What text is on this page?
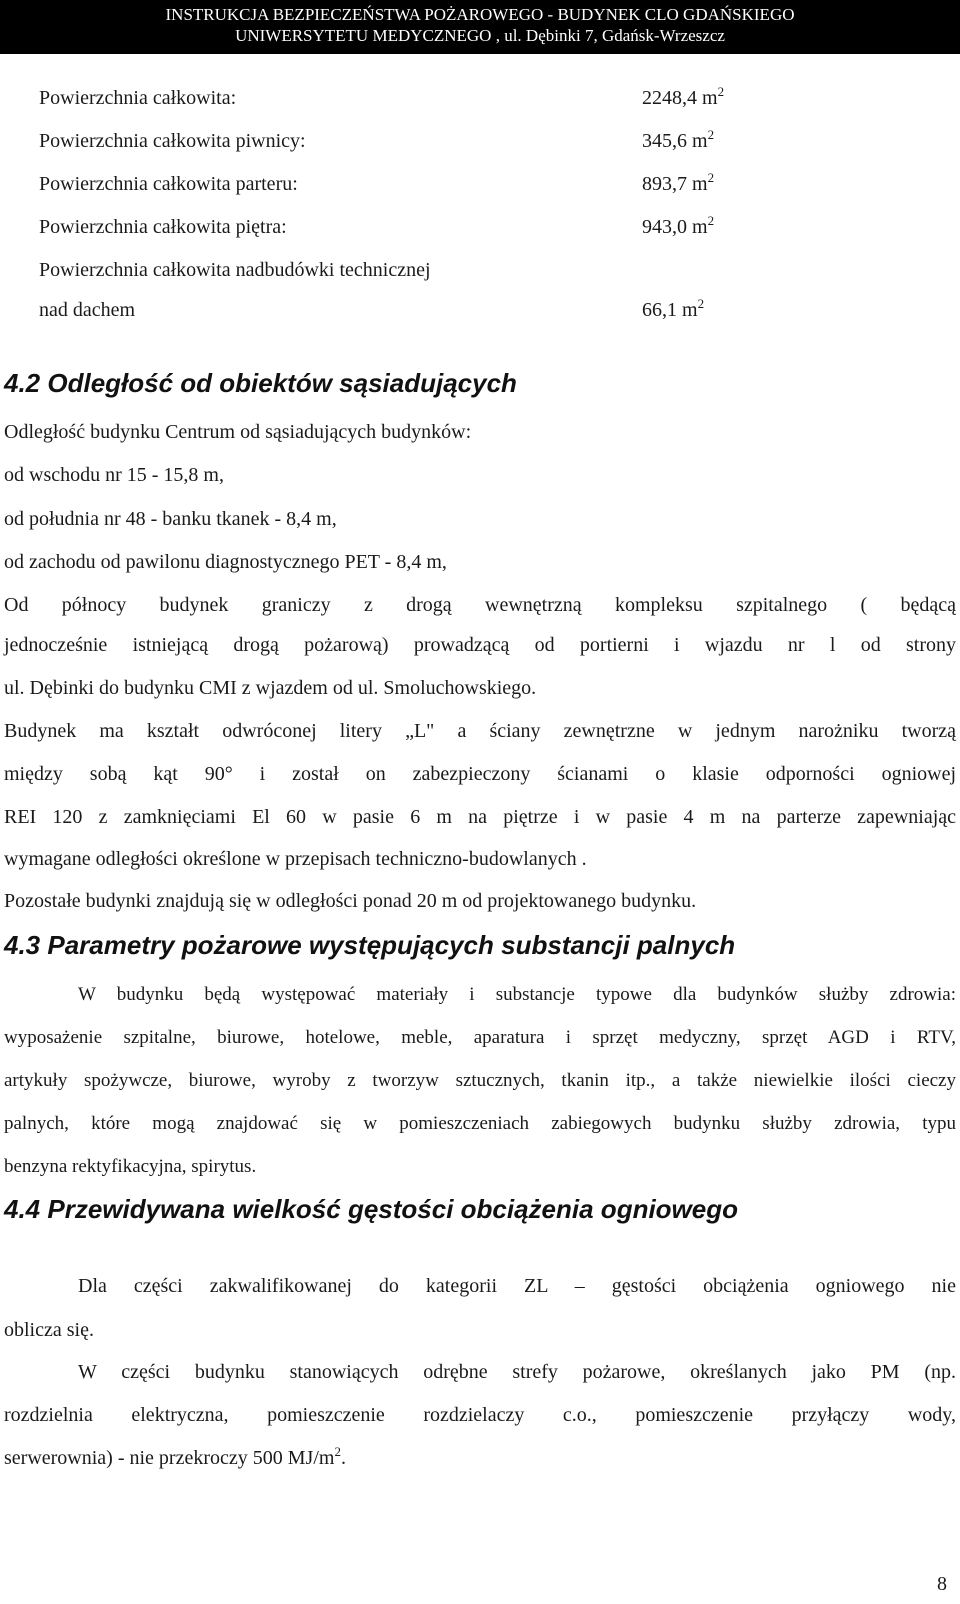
INSTRUKCJA BEZPIECZEŃSTWA POŻAROWEGO - BUDYNEK CLO GDAŃSKIEGO
UNIWERSYTETU MEDYCZNEGO , ul. Dębinki 7, Gdańsk-Wrzeszcz
Powierzchnia całkowita:	2248,4 $m^2$
Powierzchnia całkowita piwnicy:	345,6 $m^2$
Powierzchnia całkowita parteru:	893,7 $m^2$
Powierzchnia całkowita piętra:	943,0 $m^2$
Powierzchnia całkowita nadbudówki technicznej
nad dachem	66,1 $m^2$
4.2 Odległość od obiektów sąsiadujących
Odległość budynku Centrum od sąsiadujących budynków:
od wschodu nr 15 - 15,8 m,
od południa nr 48 - banku tkanek - 8,4 m,
od zachodu od pawilonu diagnostycznego PET - 8,4 m,
Od północy budynek graniczy z drogą wewnętrzną kompleksu szpitalnego ( będącą
jednocześnie istniejącą drogą pożarową) prowadzącą od portierni i wjazdu nr l od strony
ul. Dębinki do budynku CMI z wjazdem od ul. Smoluchowskiego.
Budynek ma kształt odwróconej litery „L" a ściany zewnętrzne w jednym narożniku tworzą
między sobą kąt 90° i został on zabezpieczony ścianami o klasie odporności ogniowej
REI 120 z zamknięciami El 60 w pasie 6 m na piętrze i w pasie 4 m na parterze zapewniając
wymagane odległości określone w przepisach techniczno-budowlanych .
Pozostałe budynki znajdują się w odległości ponad 20 m od projektowanego budynku.
4.3 Parametry pożarowe występujących substancji palnych
W budynku będą występować materiały i substancje typowe dla budynków służby zdrowia:
wyposażenie szpitalne, biurowe, hotelowe, meble, aparatura i sprzęt medyczny, sprzęt AGD i RTV,
artykuły spożywcze, biurowe, wyroby z tworzyw sztucznych, tkanin itp., a także niewielkie ilości cieczy
palnych, które mogą znajdować się w pomieszczeniach zabiegowych budynku służby zdrowia, typu
benzyna rektyfikacyjna, spirytus.
4.4 Przewidywana wielkość gęstości obciążenia ogniowego
Dla części zakwalifikowanej do kategorii ZL – gęstości obciążenia ogniowego nie
oblicza się.
W części budynku stanowiących odrębne strefy pożarowe, określanych jako PM (np.
rozdzielnia elektryczna, pomieszczenie rozdzielaczy c.o., pomieszczenie przyłączy wody,
serwerownia) - nie przekroczy 500 $MJ/m^2$.
8
